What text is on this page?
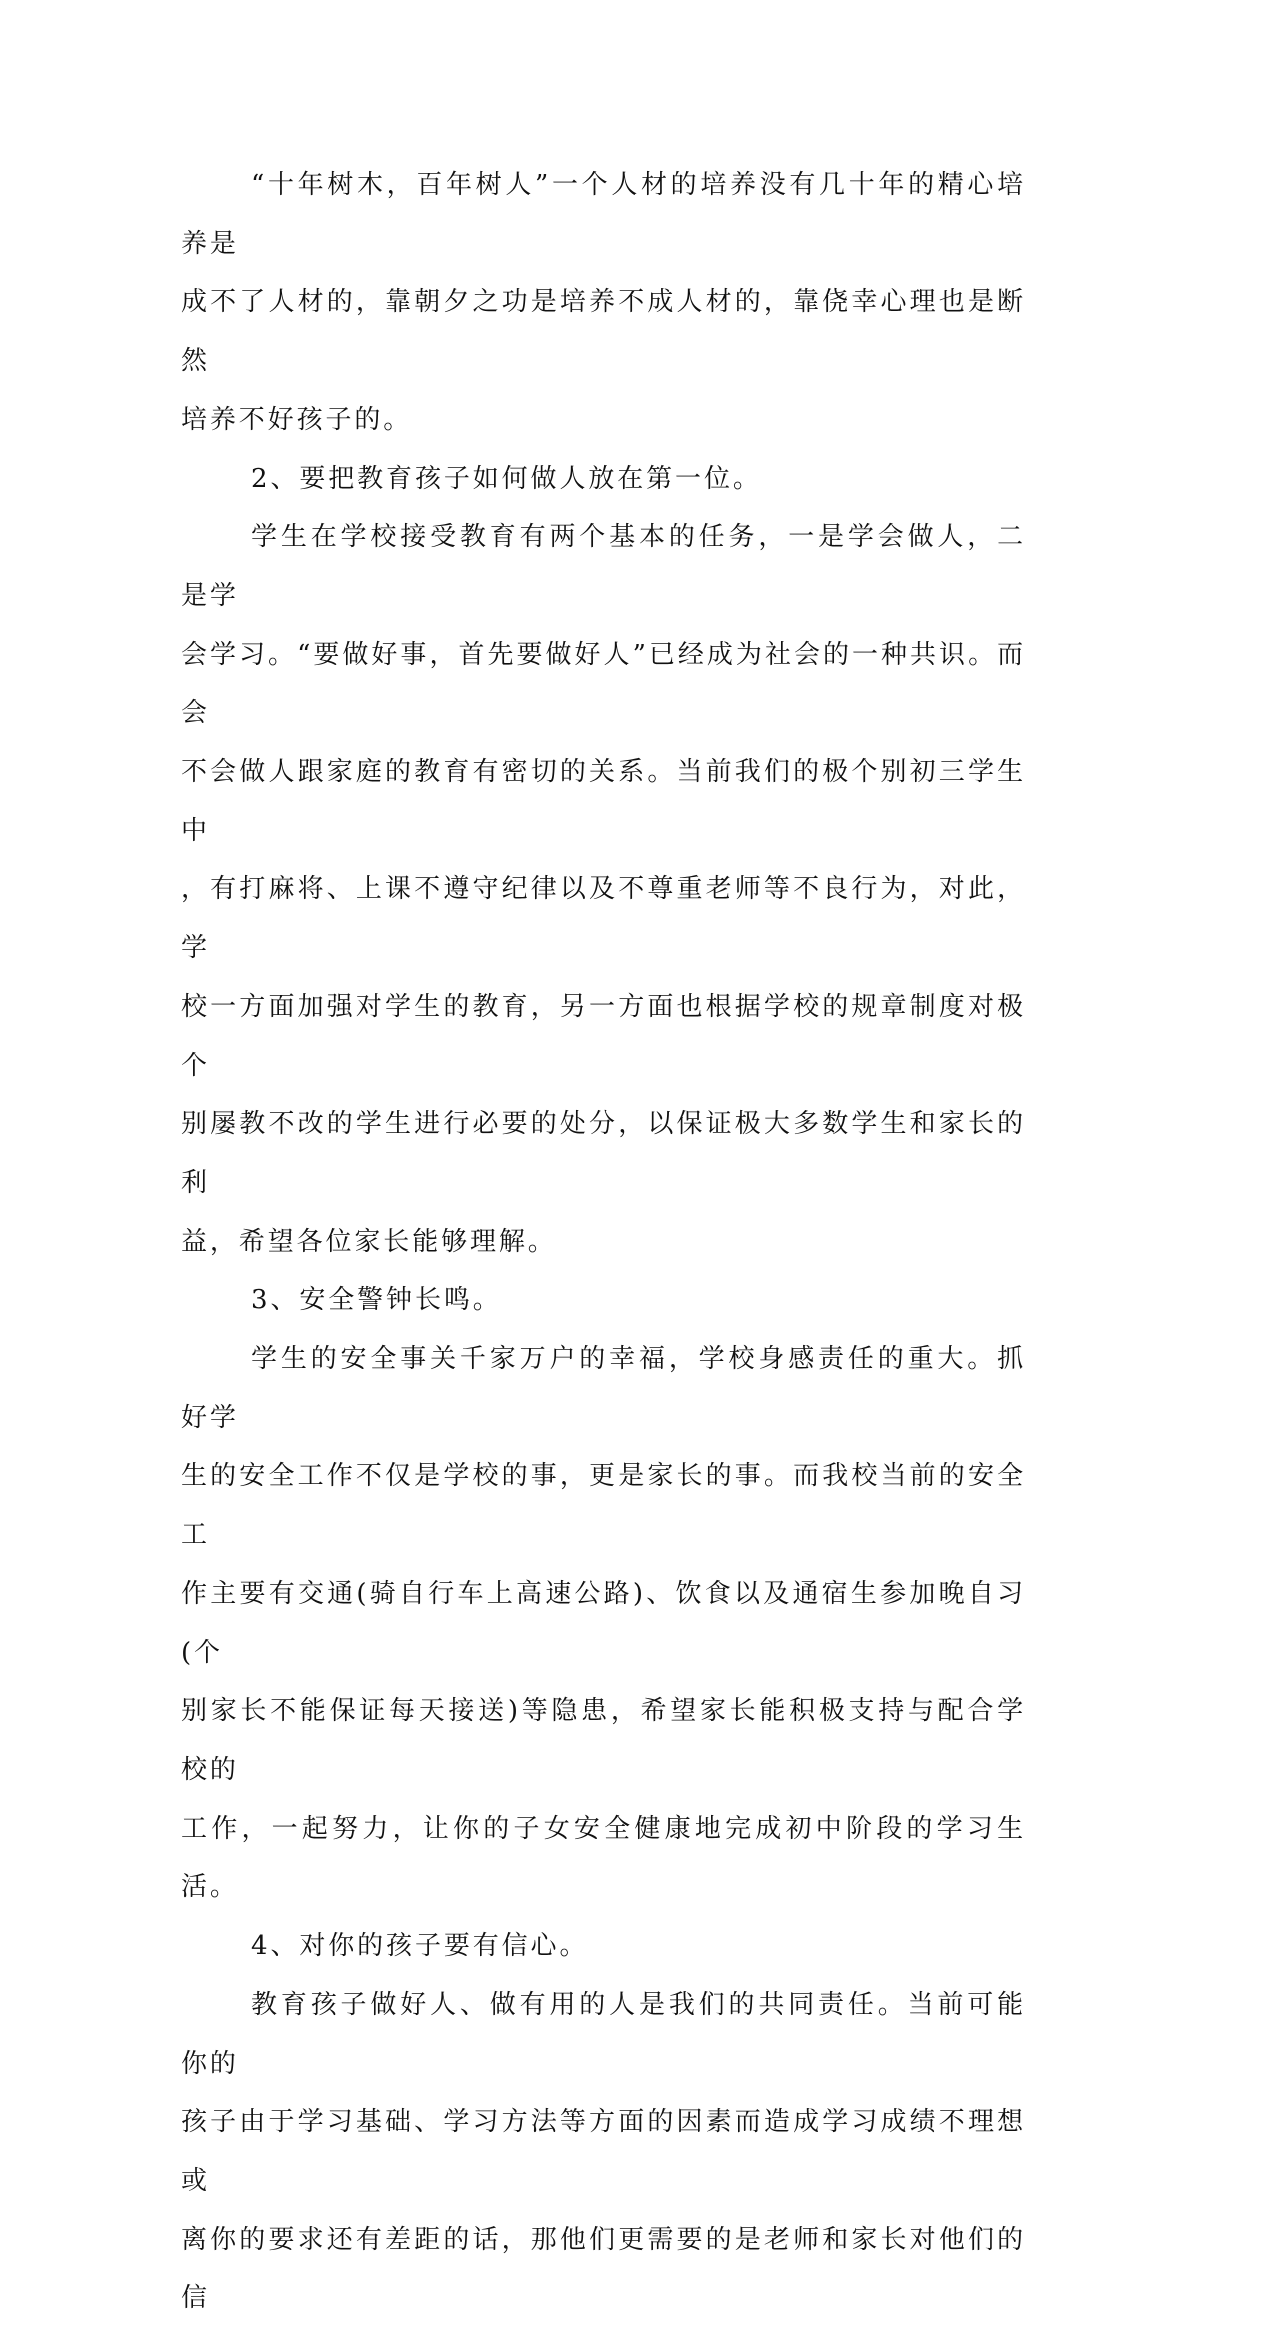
“十年树木，百年树人”一个人材的培养没有几十年的精心培养是
成不了人材的，靠朝夕之功是培养不成人材的，靠侥幸心理也是断然
培养不好孩子的。

2、要把教育孩子如何做人放在第一位。

学生在学校接受教育有两个基本的任务，一是学会做人，二是学
会学习。“要做好事，首先要做好人”已经成为社会的一种共识。而会
不会做人跟家庭的教育有密切的关系。当前我们的极个别初三学生中
，有打麻将、上课不遵守纪律以及不尊重老师等不良行为，对此，学
校一方面加强对学生的教育，另一方面也根据学校的规章制度对极个
别屡教不改的学生进行必要的处分，以保证极大多数学生和家长的利
益，希望各位家长能够理解。

3、安全警钟长鸣。

学生的安全事关千家万户的幸福，学校身感责任的重大。抓好学
生的安全工作不仅是学校的事，更是家长的事。而我校当前的安全工
作主要有交通(骑自行车上高速公路)、饮食以及通宿生参加晚自习(个
别家长不能保证每天接送)等隐患，希望家长能积极支持与配合学校的
工作，一起努力，让你的子女安全健康地完成初中阶段的学习生活。

4、对你的孩子要有信心。

教育孩子做好人、做有用的人是我们的共同责任。当前可能你的
孩子由于学习基础、学习方法等方面的因素而造成学习成绩不理想或
离你的要求还有差距的话，那他们更需要的是老师和家长对他们的信
